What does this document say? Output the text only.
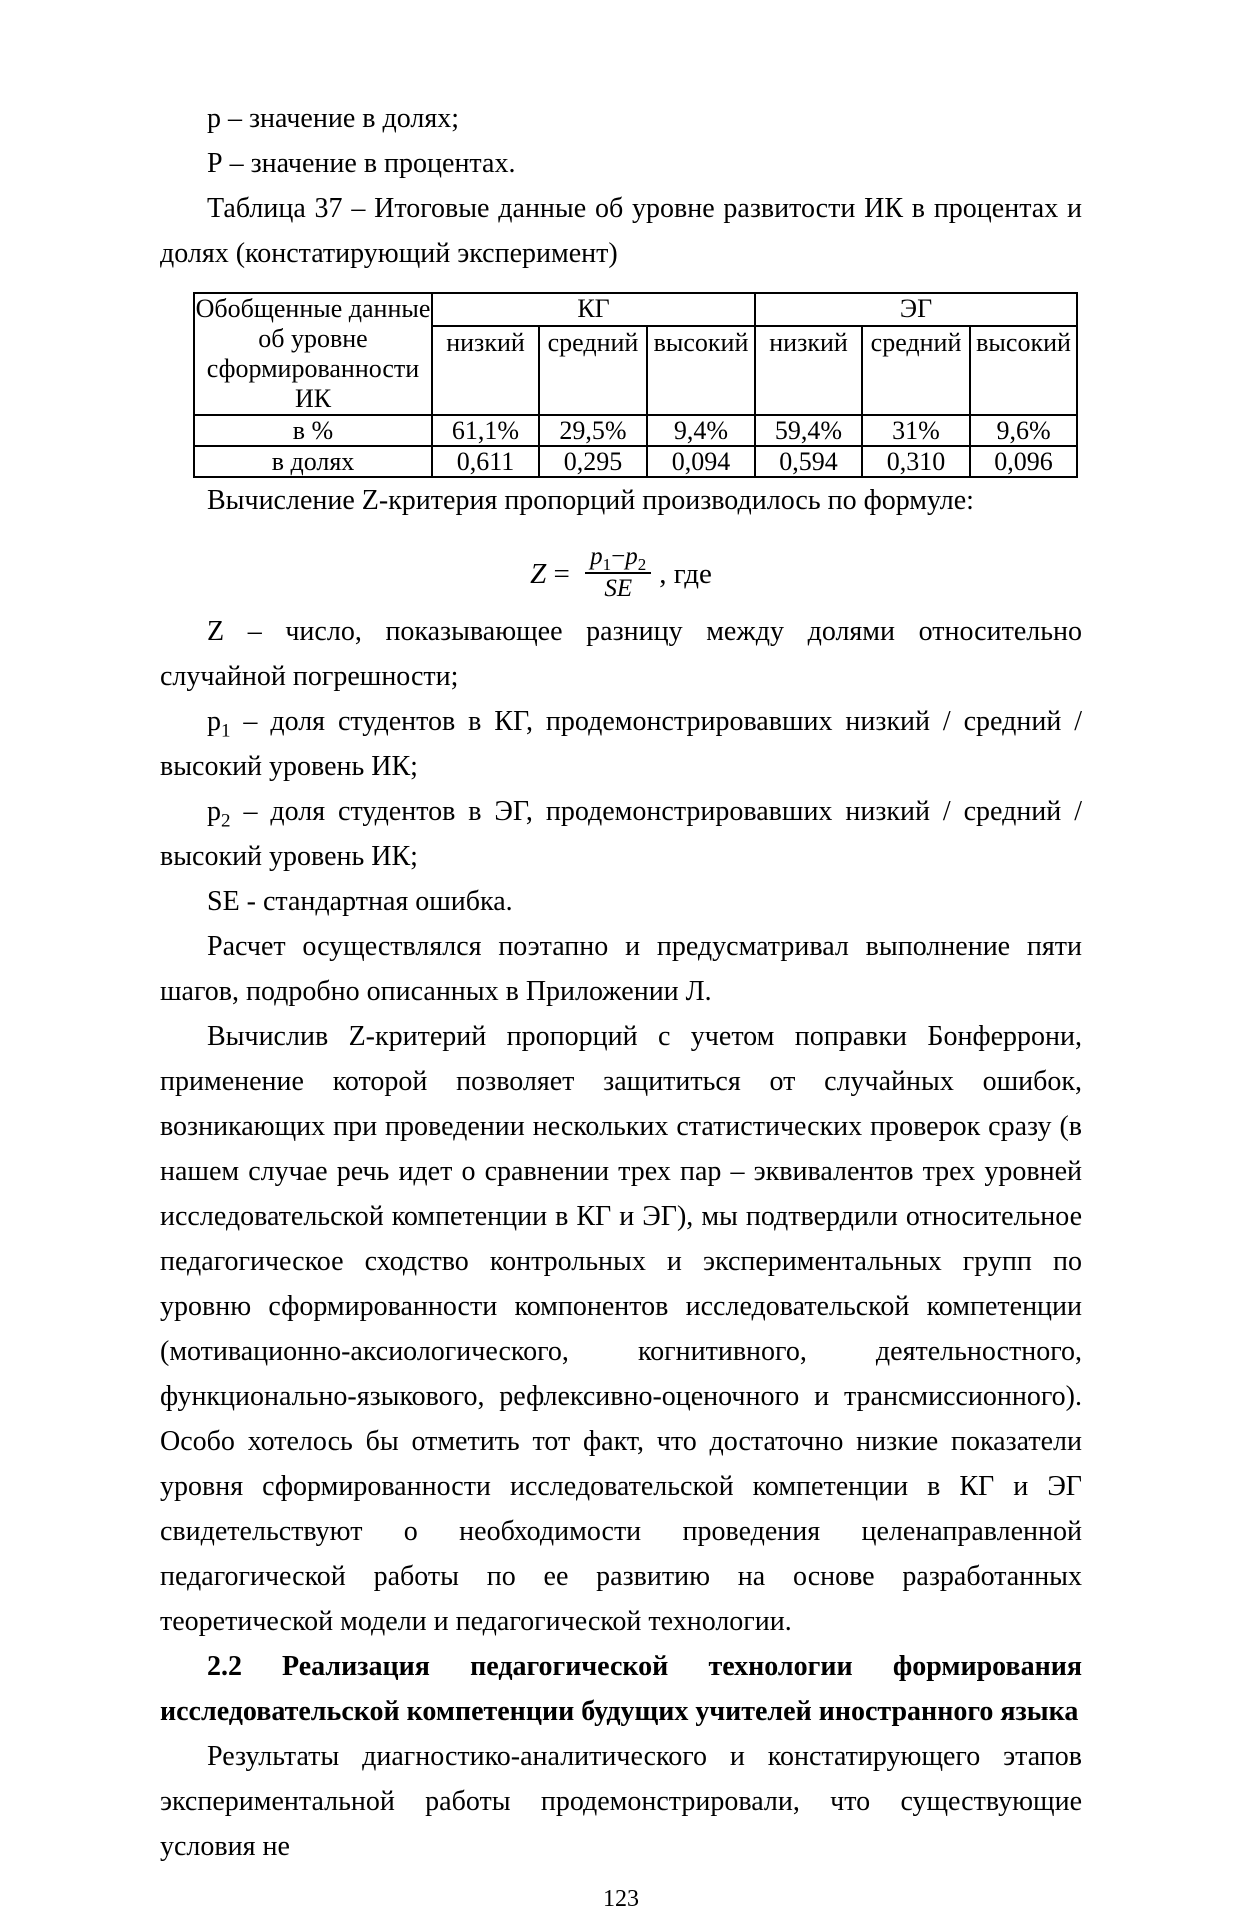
p – значение в долях;

Р – значение в процентах.

Таблица 37 – Итоговые данные об уровне развитости ИК в процентах и долях (констатирующий эксперимент)

Обобщенные данные об уровне сформированности ИК	КГ			ЭГ		
	низкий	средний	высокий	низкий	средний	высокий
в %	61,1%	29,5%	9,4%	59,4%	31%	9,6%
в долях	0,611	0,295	0,094	0,594	0,310	0,096

Вычисление Z-критерия пропорций производилось по формуле:

$Z = \frac{p_1-p_2}{SE}$ , где

Z – число, показывающее разницу между долями относительно случайной погрешности;

$p_1$ – доля студентов в КГ, продемонстрировавших низкий / средний / высокий уровень ИК;

$p_2$ – доля студентов в ЭГ, продемонстрировавших низкий / средний / высокий уровень ИК;

SE - стандартная ошибка.

Расчет осуществлялся поэтапно и предусматривал выполнение пяти шагов, подробно описанных в Приложении Л.

Вычислив Z-критерий пропорций с учетом поправки Бонферрони, применение которой позволяет защититься от случайных ошибок, возникающих при проведении нескольких статистических проверок сразу (в нашем случае речь идет о сравнении трех пар – эквивалентов трех уровней исследовательской компетенции в КГ и ЭГ), мы подтвердили относительное педагогическое сходство контрольных и экспериментальных групп по уровню сформированности компонентов исследовательской компетенции (мотивационно-аксиологического, когнитивного, деятельностного, функционально-языкового, рефлексивно-оценочного и трансмиссионного). Особо хотелось бы отметить тот факт, что достаточно низкие показатели уровня сформированности исследовательской компетенции в КГ и ЭГ свидетельствуют о необходимости проведения целенаправленной педагогической работы по ее развитию на основе разработанных теоретической модели и педагогической технологии.

2.2 Реализация педагогической технологии формирования исследовательской компетенции будущих учителей иностранного языка

Результаты диагностико-аналитического и констатирующего этапов экспериментальной работы продемонстрировали, что существующие условия не

123
